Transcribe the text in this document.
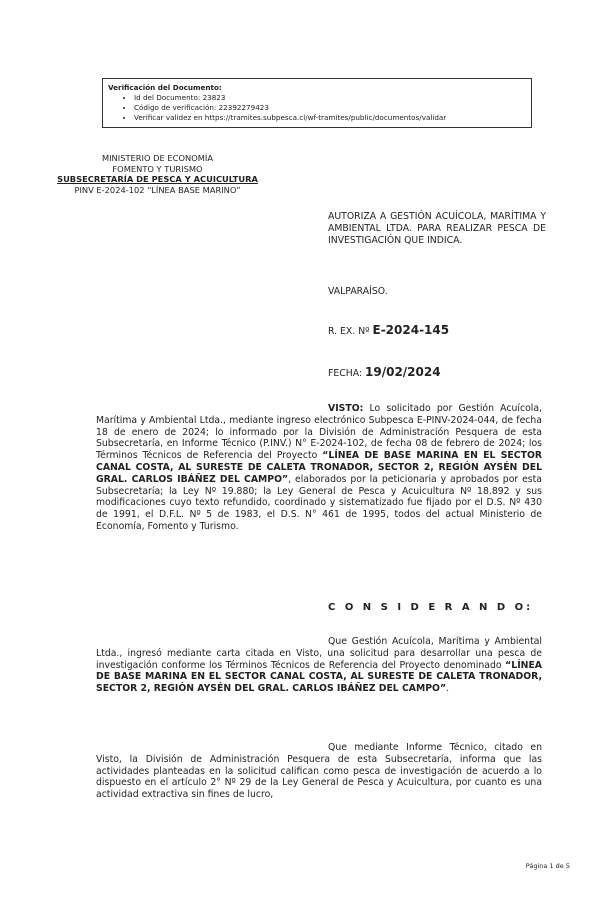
Verificación del Documento:
• Id del Documento: 23823
• Código de verificación: 22392279423
• Verificar validez en https://tramites.subpesca.cl/wf-tramites/public/documentos/validar
MINISTERIO DE ECONOMÍA
FOMENTO Y TURISMO
SUBSECRETARÍA DE PESCA Y ACUICULTURA
PINV E-2024-102 “LÍNEA BASE MARINO”
AUTORIZA A GESTIÓN ACUÍCOLA, MARÍTIMA Y AMBIENTAL LTDA. PARA REALIZAR PESCA DE INVESTIGACIÓN QUE INDICA.
VALPARAÍSO.
R. EX. Nº E-2024-145
FECHA: 19/02/2024

VISTO: Lo solicitado por Gestión Acuícola, Marítima y Ambiental Ltda., mediante ingreso electrónico Subpesca E-PINV-2024-044, de fecha 18 de enero de 2024; lo informado por la División de Administración Pesquera de esta Subsecretaría, en Informe Técnico (P.INV.) N° E-2024-102, de fecha 08 de febrero de 2024; los Términos Técnicos de Referencia del Proyecto “LÍNEA DE BASE MARINA EN EL SECTOR CANAL COSTA, AL SURESTE DE CALETA TRONADOR, SECTOR 2, REGIÓN AYSÉN DEL GRAL. CARLOS IBÁÑEZ DEL CAMPO”, elaborados por la peticionaria y aprobados por esta Subsecretaría; la Ley Nº 19.880; la Ley General de Pesca y Acuicultura Nº 18.892 y sus modificaciones cuyo texto refundido, coordinado y sistematizado fue fijado por el D.S. Nº 430 de 1991, el D.F.L. Nº 5 de 1983, el D.S. N° 461 de 1995, todos del actual Ministerio de Economía, Fomento y Turismo.

C O N S I D E R A N D O:

Que Gestión Acuícola, Marítima y Ambiental Ltda., ingresó mediante carta citada en Visto, una solicitud para desarrollar una pesca de investigación conforme los Términos Técnicos de Referencia del Proyecto denominado “LÍNEA DE BASE MARINA EN EL SECTOR CANAL COSTA, AL SURESTE DE CALETA TRONADOR, SECTOR 2, REGIÓN AYSÉN DEL GRAL. CARLOS IBÁÑEZ DEL CAMPO”.

Que mediante Informe Técnico, citado en Visto, la División de Administración Pesquera de esta Subsecretaría, informa que las actividades planteadas en la solicitud califican como pesca de investigación de acuerdo a lo dispuesto en el artículo 2° Nº 29 de la Ley General de Pesca y Acuicultura, por cuanto es una actividad extractiva sin fines de lucro,

Página 1 de 5
